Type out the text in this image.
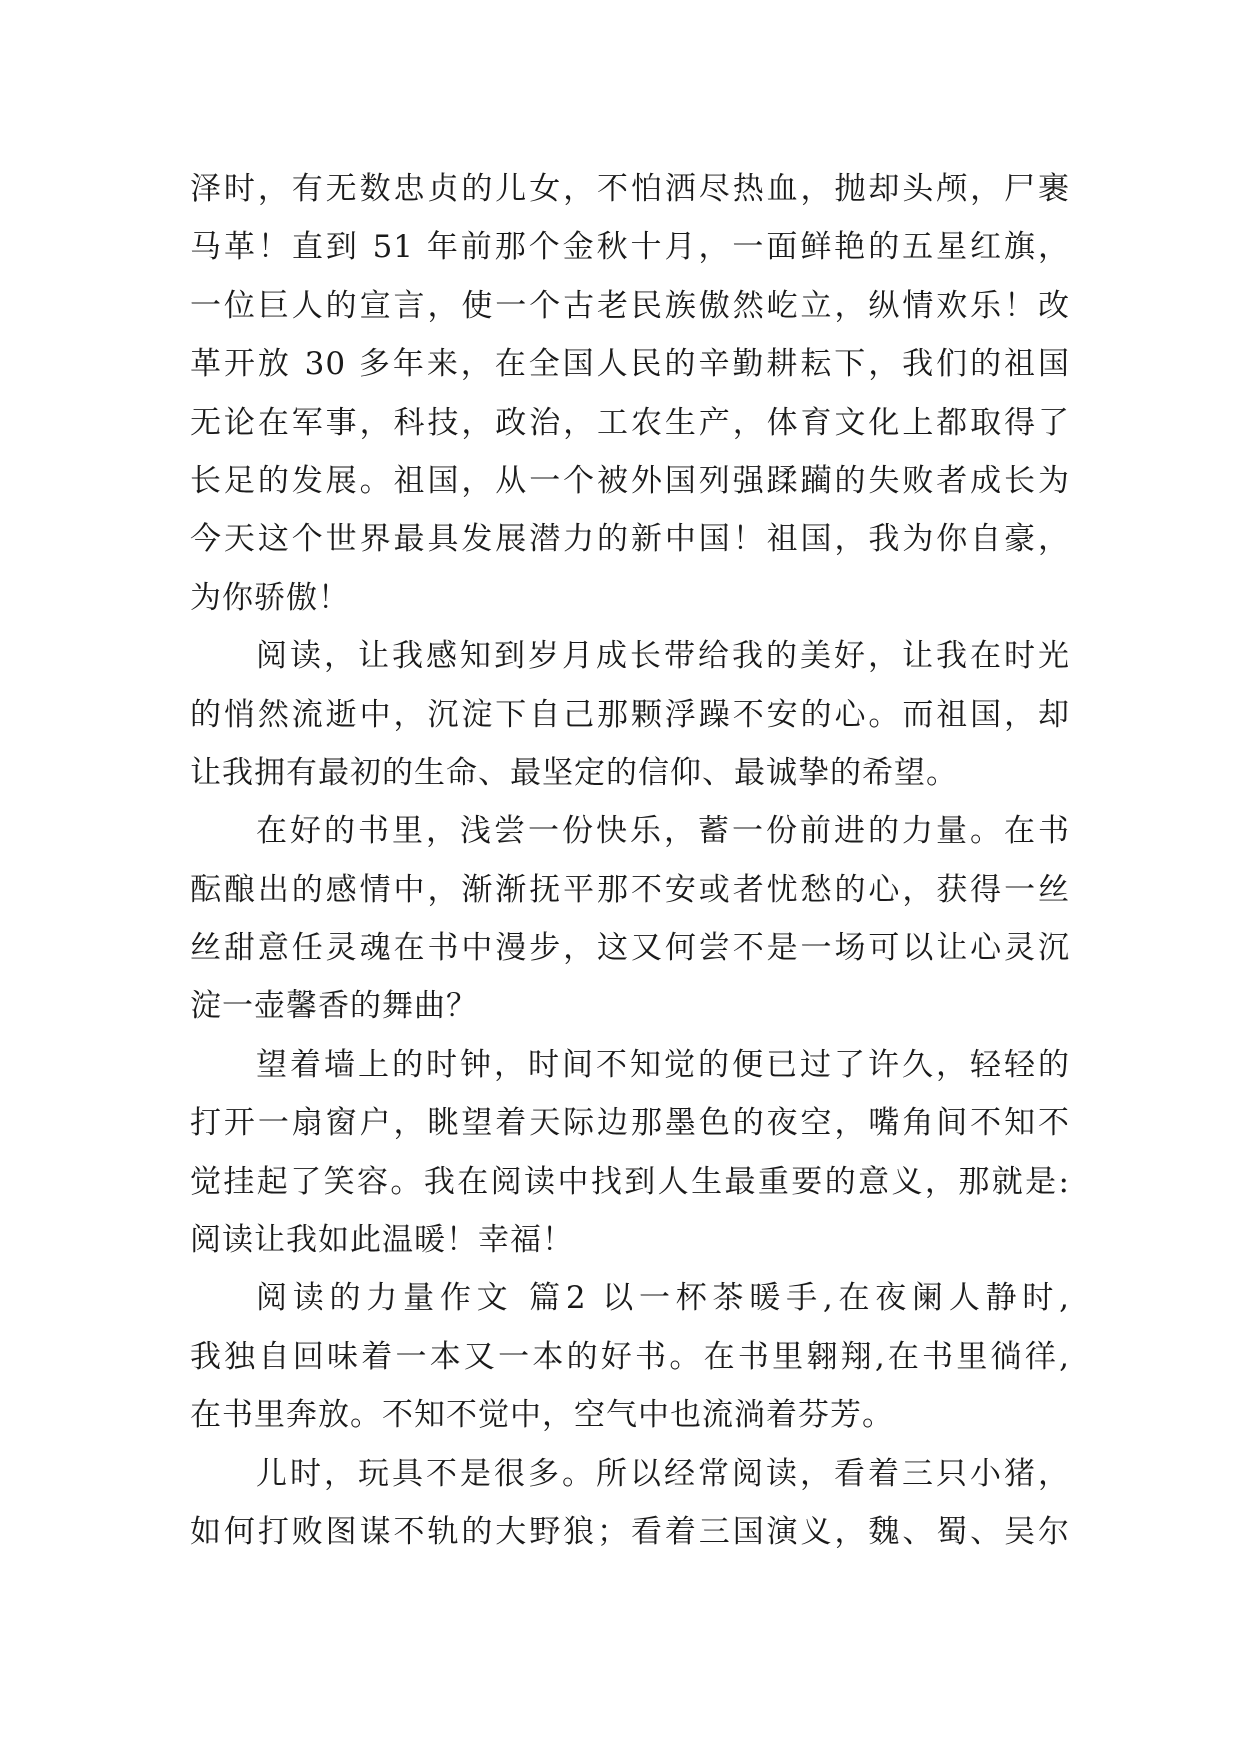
泽时，有无数忠贞的儿女，不怕洒尽热血，抛却头颅，尸裹
马革！直到 51 年前那个金秋十月，一面鲜艳的五星红旗，
一位巨人的宣言，使一个古老民族傲然屹立，纵情欢乐！改
革开放 30 多年来，在全国人民的辛勤耕耘下，我们的祖国
无论在军事，科技，政治，工农生产，体育文化上都取得了
长足的发展。祖国，从一个被外国列强蹂躏的失败者成长为
今天这个世界最具发展潜力的新中国！祖国，我为你自豪，
为你骄傲！
阅读，让我感知到岁月成长带给我的美好，让我在时光
的悄然流逝中，沉淀下自己那颗浮躁不安的心。而祖国，却
让我拥有最初的生命、最坚定的信仰、最诚挚的希望。
在好的书里，浅尝一份快乐，蓄一份前进的力量。在书
酝酿出的感情中，渐渐抚平那不安或者忧愁的心，获得一丝
丝甜意任灵魂在书中漫步，这又何尝不是一场可以让心灵沉
淀一壶馨香的舞曲？
望着墙上的时钟，时间不知觉的便已过了许久，轻轻的
打开一扇窗户，眺望着天际边那墨色的夜空，嘴角间不知不
觉挂起了笑容。我在阅读中找到人生最重要的意义，那就是:
阅读让我如此温暖！幸福！
阅读的力量作文 篇2 以一杯茶暖手,在夜阑人静时,
我独自回味着一本又一本的好书。在书里翱翔,在书里徜徉,
在书里奔放。不知不觉中，空气中也流淌着芬芳。
儿时，玩具不是很多。所以经常阅读，看着三只小猪，
如何打败图谋不轨的大野狼；看着三国演义，魏、蜀、吴尔
